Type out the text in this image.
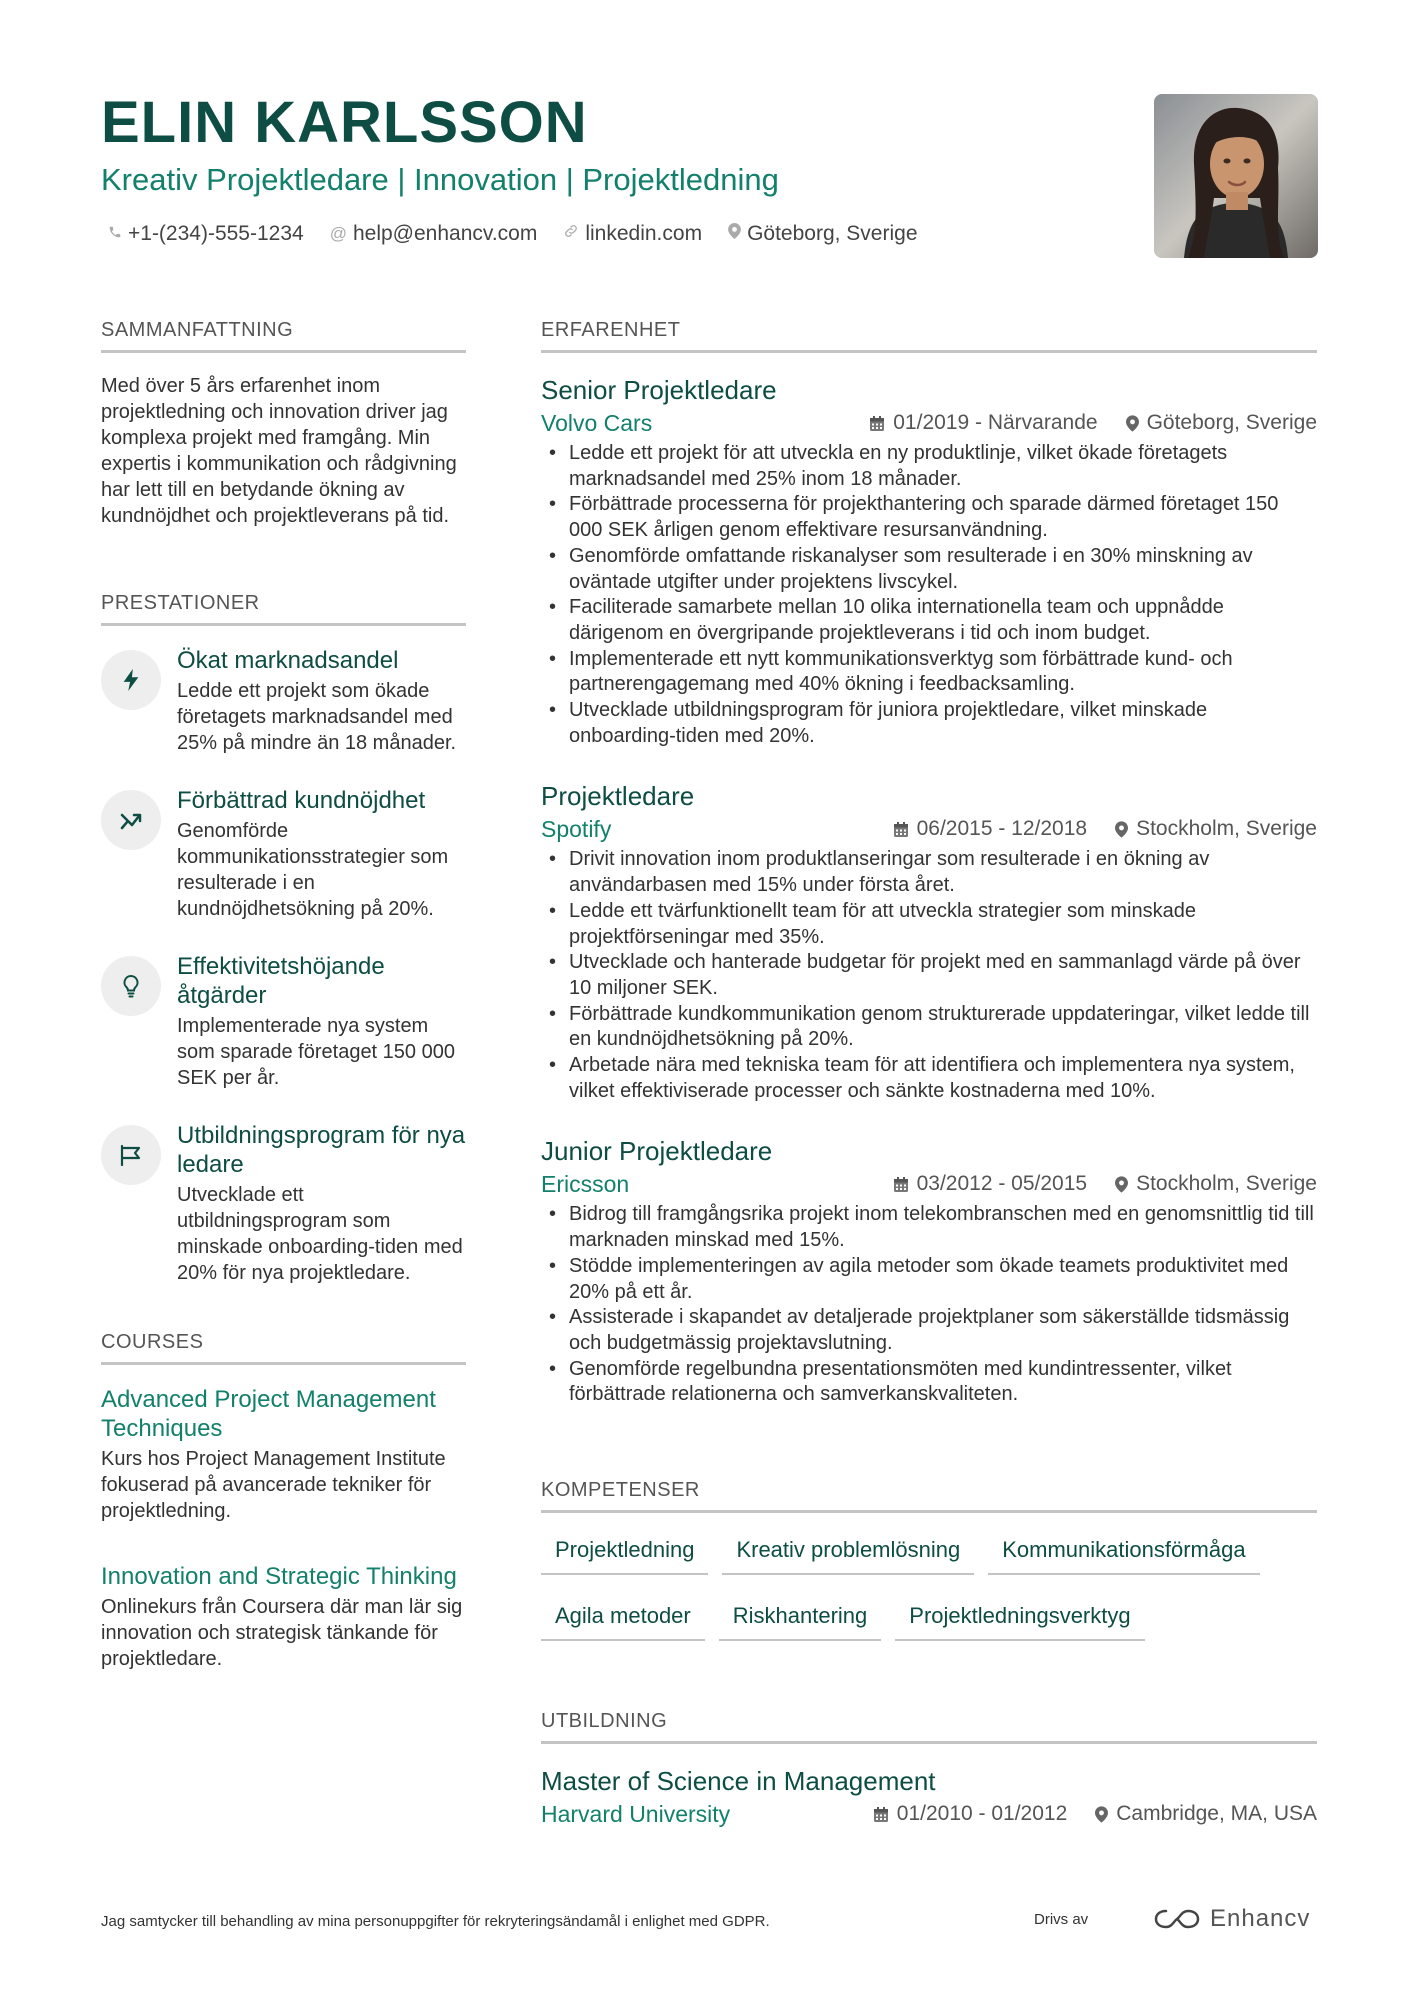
ELIN KARLSSON
Kreativ Projektledare | Innovation | Projektledning
+1-(234)-555-1234 @ help@enhancv.com linkedin.com Göteborg, Sverige
SAMMANFATTNING

Med över 5 års erfarenhet inom projektledning och innovation driver jag komplexa projekt med framgång. Min expertis i kommunikation och rådgivning har lett till en betydande ökning av kundnöjdhet och projektleverans på tid.

PRESTATIONER
Ökat marknadsandel
Ledde ett projekt som ökade företagets marknadsandel med 25% på mindre än 18 månader.
Förbättrad kundnöjdhet
Genomförde kommunikationsstrategier som resulterade i en kundnöjdhetsökning på 20%.
Effektivitetshöjande åtgärder
Implementerade nya system som sparade företaget 150 000 SEK per år.
Utbildningsprogram för nya ledare
Utvecklade ett utbildningsprogram som minskade onboarding-tiden med 20% för nya projektledare.
COURSES
Advanced Project Management Techniques
Kurs hos Project Management Institute fokuserad på avancerade tekniker för projektledning.
Innovation and Strategic Thinking
Onlinekurs från Coursera där man lär sig innovation och strategisk tänkande för projektledare.
ERFARENHET
Senior Projektledare
Volvo Cars	01/2019 - Närvarande Göteborg, Sverige
• Ledde ett projekt för att utveckla en ny produktlinje, vilket ökade företagets marknadsandel med 25% inom 18 månader.
• Förbättrade processerna för projekthantering och sparade därmed företaget 150 000 SEK årligen genom effektivare resursanvändning.
• Genomförde omfattande riskanalyser som resulterade i en 30% minskning av oväntade utgifter under projektens livscykel.
• Faciliterade samarbete mellan 10 olika internationella team och uppnådde därigenom en övergripande projektleverans i tid och inom budget.
• Implementerade ett nytt kommunikationsverktyg som förbättrade kund- och partnerengagemang med 40% ökning i feedbacksamling.
• Utvecklade utbildningsprogram för juniora projektledare, vilket minskade onboarding-tiden med 20%.
Projektledare
Spotify	06/2015 - 12/2018 Stockholm, Sverige
• Drivit innovation inom produktlanseringar som resulterade i en ökning av användarbasen med 15% under första året.
• Ledde ett tvärfunktionellt team för att utveckla strategier som minskade projektförseningar med 35%.
• Utvecklade och hanterade budgetar för projekt med en sammanlagd värde på över 10 miljoner SEK.
• Förbättrade kundkommunikation genom strukturerade uppdateringar, vilket ledde till en kundnöjdhetsökning på 20%.
• Arbetade nära med tekniska team för att identifiera och implementera nya system, vilket effektiviserade processer och sänkte kostnaderna med 10%.
Junior Projektledare
Ericsson	03/2012 - 05/2015 Stockholm, Sverige
• Bidrog till framgångsrika projekt inom telekombranschen med en genomsnittlig tid till marknaden minskad med 15%.
• Stödde implementeringen av agila metoder som ökade teamets produktivitet med 20% på ett år.
• Assisterade i skapandet av detaljerade projektplaner som säkerställde tidsmässig och budgetmässig projektavslutning.
• Genomförde regelbundna presentationsmöten med kundintressenter, vilket förbättrade relationerna och samverkanskvaliteten.
KOMPETENSER
Projektledning	Kreativ problemlösning	Kommunikationsförmåga
Agila metoder	Riskhantering	Projektledningsverktyg
UTBILDNING
Master of Science in Management
Harvard University	01/2010 - 01/2012 Cambridge, MA, USA
Jag samtycker till behandling av mina personuppgifter för rekryteringsändamål i enlighet med GDPR.	Drivs av	Enhancv
